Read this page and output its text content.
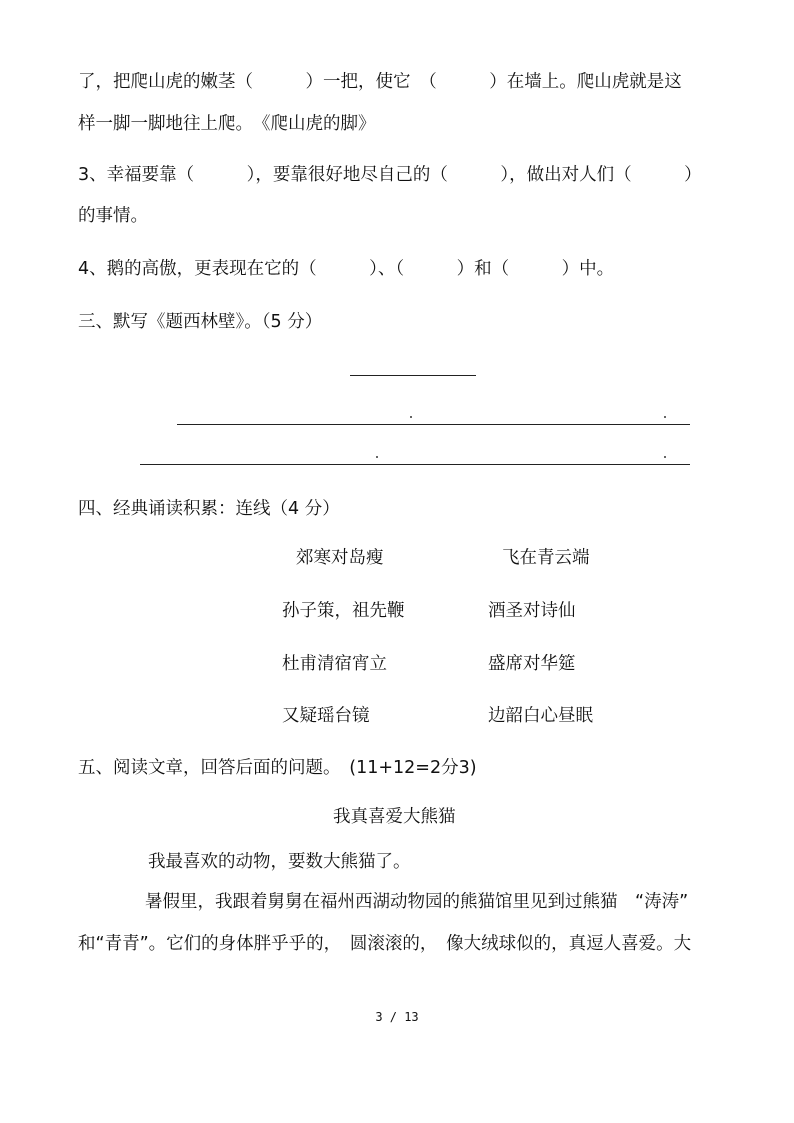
了，把爬山虎的嫩茎（　　　）一把，使它　（　　　）在墙上。爬山虎就是这
样一脚一脚地往上爬。　《爬山虎的脚》
3、幸福要靠（　　　），要靠很好地尽自己的（　　　），做出对人们（　　　）
的事情。
4、鹅的高傲，更表现在它的（　　　）、（　　　）和（　　　）中。
三、默写《题西林壁》。（5 分）
四、经典诵读积累：连线（4 分）
郊寒对岛瘦	飞在青云端
孙子策，祖先鞭	酒圣对诗仙
杜甫清宿宵立	盛席对华筵
又疑瑶台镜	边韶白心昼眠
五、阅读文章，回答后面的问题。　(11+12=2分3)
我真喜爱大熊猫
我最喜欢的动物，要数大熊猫了。
暑假里，我跟着舅舅在福州西湖动物园的熊猫馆里见到过熊猫　“涛涛”
和“青青”。它们的身体胖乎乎的，　圆滚滚的，　像大绒球似的，真逗人喜爱。大
3 / 13
